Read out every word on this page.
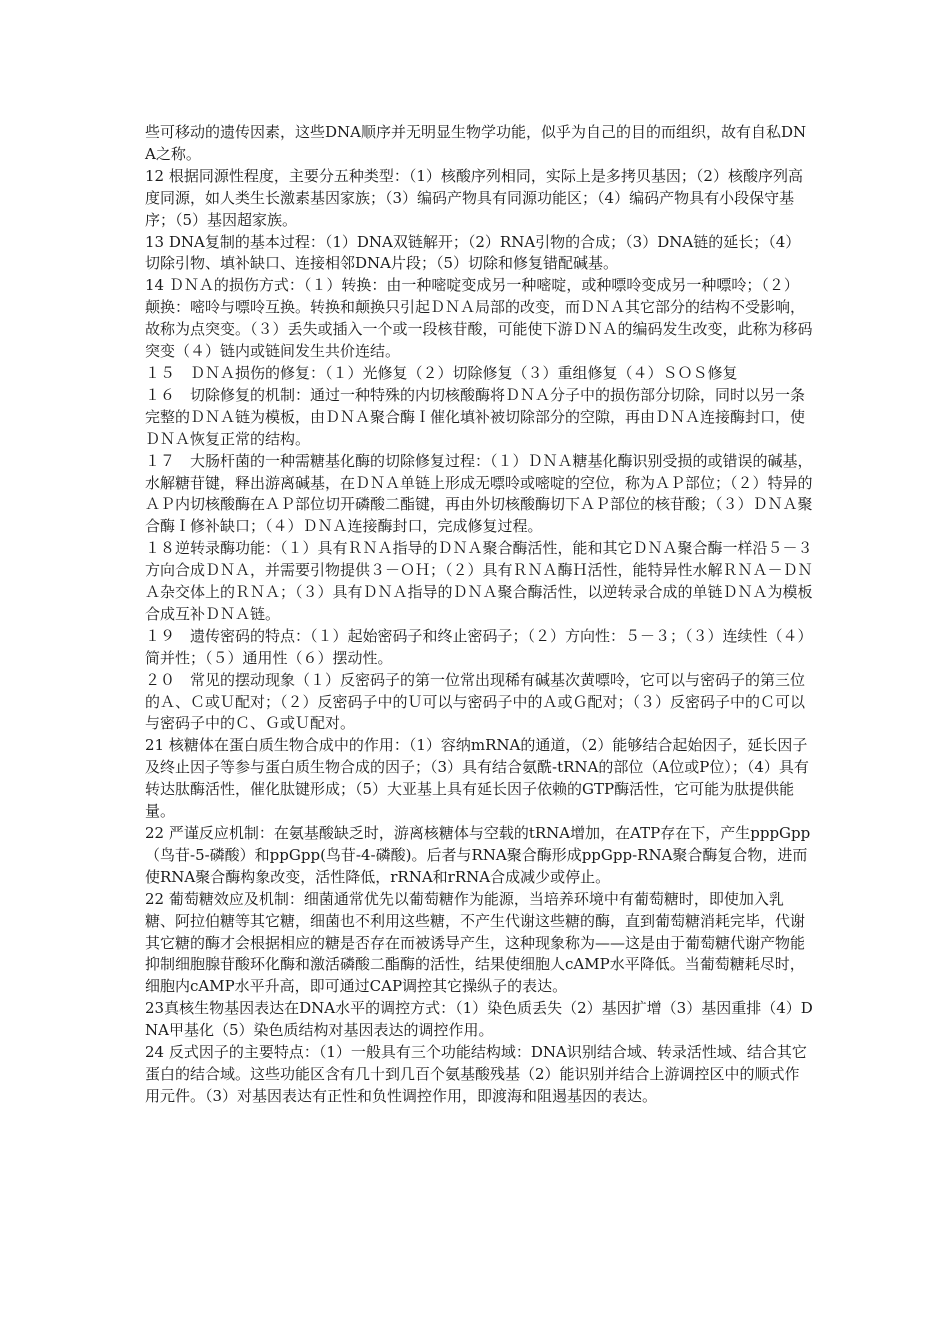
些可移动的遗传因素，这些DNA顺序并无明显生物学功能，似乎为自己的目的而组织，故有自私DNA之称。

12 根据同源性程度，主要分五种类型：（1）核酸序列相同，实际上是多拷贝基因；（2）核酸序列高度同源，如人类生长激素基因家族；（3）编码产物具有同源功能区；（4）编码产物具有小段保守基序；（5）基因超家族。

13 DNA复制的基本过程：（1）DNA双链解开；（2）RNA引物的合成；（3）DNA链的延长；（4）切除引物、填补缺口、连接相邻DNA片段；（5）切除和修复错配碱基。

14 ＤＮＡ的损伤方式：（１）转换：由一种嘧啶变成另一种嘧啶，或种嘌呤变成另一种嘌呤；（２）颠换：嘧呤与嘌呤互换。转换和颠换只引起ＤＮＡ局部的改变，而ＤＮＡ其它部分的结构不受影响，故称为点突变。（３）丢失或插入一个或一段核苷酸，可能使下游ＤＮＡ的编码发生改变，此称为移码突变（４）链内或链间发生共价连结。

１５　ＤＮＡ损伤的修复：（１）光修复（２）切除修复（３）重组修复（４）ＳＯＳ修复

１６　切除修复的机制：通过一种特殊的内切核酸酶将ＤＮＡ分子中的损伤部分切除，同时以另一条完整的ＤＮＡ链为模板，由ＤＮＡ聚合酶Ｉ催化填补被切除部分的空隙，再由ＤＮＡ连接酶封口，使ＤＮＡ恢复正常的结构。

１７　大肠杆菌的一种需糖基化酶的切除修复过程：（１）ＤＮＡ糖基化酶识别受损的或错误的碱基，水解糖苷键，释出游离碱基，在ＤＮＡ单链上形成无嘌呤或嘧啶的空位，称为ＡＰ部位；（２）特异的ＡＰ内切核酸酶在ＡＰ部位切开磷酸二酯键，再由外切核酸酶切下ＡＰ部位的核苷酸；（３）ＤＮＡ聚合酶Ｉ修补缺口；（４）ＤＮＡ连接酶封口，完成修复过程。

１８逆转录酶功能：（１）具有ＲＮＡ指导的ＤＮＡ聚合酶活性，能和其它ＤＮＡ聚合酶一样沿５－３方向合成ＤＮＡ，并需要引物提供３－ＯＨ；（２）具有ＲＮＡ酶Ｈ活性，能特异性水解ＲＮＡ－ＤＮＡ杂交体上的ＲＮＡ；（３）具有ＤＮＡ指导的ＤＮＡ聚合酶活性，以逆转录合成的单链ＤＮＡ为模板合成互补ＤＮＡ链。

１９　遗传密码的特点：（１）起始密码子和终止密码子；（２）方向性：５－３；（３）连续性（４）简并性；（５）通用性（６）摆动性。

２０　常见的摆动现象（１）反密码子的第一位常出现稀有碱基次黄嘌呤，它可以与密码子的第三位的Ａ、Ｃ或Ｕ配对；（２）反密码子中的Ｕ可以与密码子中的Ａ或Ｇ配对；（３）反密码子中的Ｃ可以与密码子中的Ｃ、Ｇ或Ｕ配对。

21 核糖体在蛋白质生物合成中的作用：（1）容纳mRNA的通道，（2）能够结合起始因子，延长因子及终止因子等参与蛋白质生物合成的因子；（3）具有结合氨酰-tRNA的部位（A位或P位）；（4）具有转达肽酶活性，催化肽键形成；（5）大亚基上具有延长因子依赖的GTP酶活性，它可能为肽提供能量。

22 严谨反应机制：在氨基酸缺乏时，游离核糖体与空载的tRNA增加，在ATP存在下，产生pppGpp（鸟苷-5-磷酸）和ppGpp(鸟苷-4-磷酸)。后者与RNA聚合酶形成ppGpp-RNA聚合酶复合物，进而使RNA聚合酶构象改变，活性降低，rRNA和rRNA合成减少或停止。

22 葡萄糖效应及机制：细菌通常优先以葡萄糖作为能源，当培养环境中有葡萄糖时，即使加入乳糖、阿拉伯糖等其它糖，细菌也不利用这些糖，不产生代谢这些糖的酶，直到葡萄糖消耗完毕，代谢其它糖的酶才会根据相应的糖是否存在而被诱导产生，这种现象称为——这是由于葡萄糖代谢产物能抑制细胞腺苷酸环化酶和激活磷酸二酯酶的活性，结果使细胞人cAMP水平降低。当葡萄糖耗尽时，细胞内cAMP水平升高，即可通过CAP调控其它操纵子的表达。

23真核生物基因表达在DNA水平的调控方式：（1）染色质丢失（2）基因扩增（3）基因重排（4）DNA甲基化（5）染色质结构对基因表达的调控作用。

24 反式因子的主要特点：（1）一般具有三个功能结构域：DNA识别结合域、转录活性域、结合其它蛋白的结合域。这些功能区含有几十到几百个氨基酸残基（2）能识别并结合上游调控区中的顺式作用元件。（3）对基因表达有正性和负性调控作用，即渡海和阻遏基因的表达。
